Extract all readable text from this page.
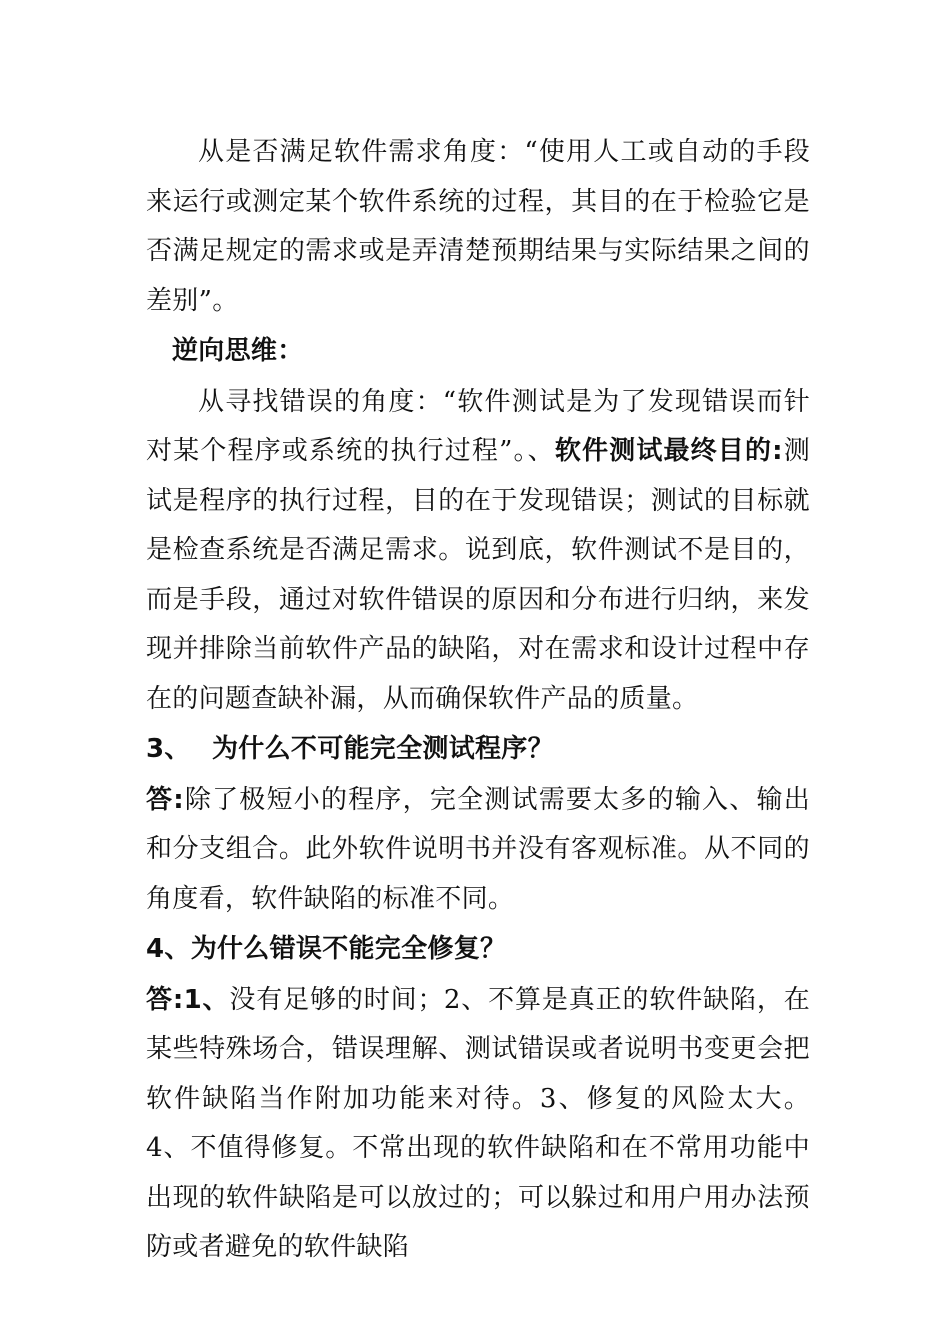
从是否满足软件需求角度：“使用人工或自动的手段来运行或测定某个软件系统的过程，其目的在于检验它是否满足规定的需求或是弄清楚预期结果与实际结果之间的差别”。

逆向思维：

从寻找错误的角度：“软件测试是为了发现错误而针对某个程序或系统的执行过程”。、软件测试最终目的:测试是程序的执行过程，目的在于发现错误；测试的目标就是检查系统是否满足需求。说到底，软件测试不是目的，而是手段，通过对软件错误的原因和分布进行归纳，来发现并排除当前软件产品的缺陷，对在需求和设计过程中存在的问题查缺补漏，从而确保软件产品的质量。

3、 为什么不可能完全测试程序？

答:除了极短小的程序，完全测试需要太多的输入、输出和分支组合。此外软件说明书并没有客观标准。从不同的角度看，软件缺陷的标准不同。

4、为什么错误不能完全修复？

答:1、没有足够的时间；2、不算是真正的软件缺陷，在某些特殊场合，错误理解、测试错误或者说明书变更会把软件缺陷当作附加功能来对待。3、修复的风险太大。4、不值得修复。不常出现的软件缺陷和在不常用功能中出现的软件缺陷是可以放过的；可以躲过和用户用办法预防或者避免的软件缺陷
